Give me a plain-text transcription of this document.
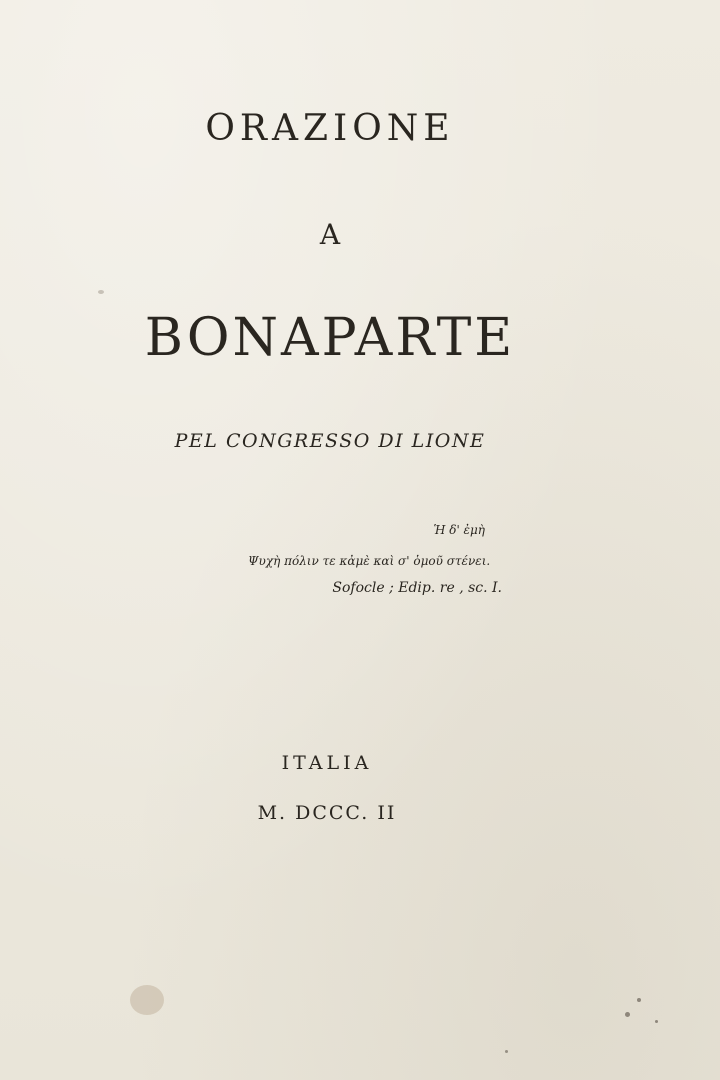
ORAZIONE
A
BONAPARTE
PEL CONGRESSO DI LIONE
Ἡ δ' ἐμὴ
Ψυχὴ πόλιν τε κἀμὲ καὶ σ' ὁμοῦ στένει.
Sofocle ; Edip. re , sc. I.
ITALIA
M. DCCC. II
